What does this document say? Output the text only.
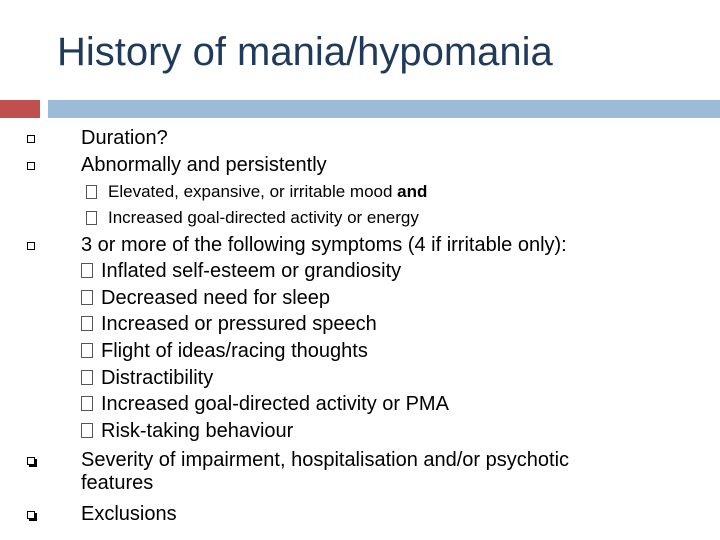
History of mania/hypomania
Duration?
Abnormally and persistently
Elevated, expansive, or irritable mood and
Increased goal-directed activity or energy
3 or more of the following symptoms (4 if irritable only):
Inflated self-esteem or grandiosity
Decreased need for sleep
Increased or pressured speech
Flight of ideas/racing thoughts
Distractibility
Increased goal-directed activity or PMA
Risk-taking behaviour
Severity of impairment, hospitalisation and/or psychotic
features
Exclusions
